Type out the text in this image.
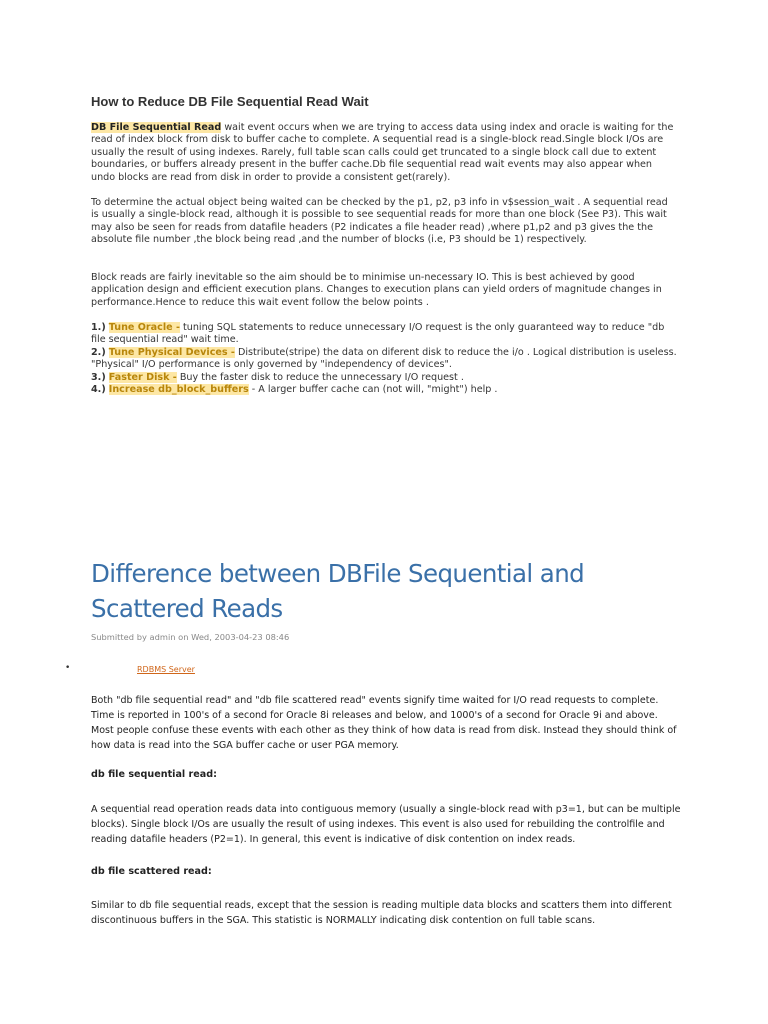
How to Reduce DB File Sequential Read Wait

DB File Sequential Read wait event occurs when we are trying to access data using index and oracle is waiting for the read of index block from disk to buffer cache to complete. A sequential read is a single-block read.Single block I/Os are usually the result of using indexes. Rarely, full table scan calls could get truncated to a single block call due to extent boundaries, or buffers already present in the buffer cache.Db file sequential read wait events may also appear when undo blocks are read from disk in order to provide a consistent get(rarely).

To determine the actual object being waited can be checked by the p1, p2, p3 info in v$session_wait . A sequential read is usually a single-block read, although it is possible to see sequential reads for more than one block (See P3). This wait may also be seen for reads from datafile headers (P2 indicates a file header read) ,where p1,p2 and p3 gives the the absolute file number ,the block being read ,and the number of blocks (i.e, P3 should be 1) respectively.

Block reads are fairly inevitable so the aim should be to minimise un-necessary IO. This is best achieved by good application design and efficient execution plans. Changes to execution plans can yield orders of magnitude changes in performance.Hence to reduce this wait event follow the below points .

1.) Tune Oracle - tuning SQL statements to reduce unnecessary I/O request is the only guaranteed way to reduce "db file sequential read" wait time.
2.) Tune Physical Devices - Distribute(stripe) the data on diferent disk to reduce the i/o . Logical distribution is useless. "Physical" I/O performance is only governed by "independency of devices".
3.) Faster Disk - Buy the faster disk to reduce the unnecessary I/O request .
4.) Increase db_block_buffers - A larger buffer cache can (not will, "might") help .
Difference between DBFile Sequential and Scattered Reads
Submitted by admin on Wed, 2003-04-23 08:46
•	RDBMS Server
Both "db file sequential read" and "db file scattered read" events signify time waited for I/O read requests to complete. Time is reported in 100's of a second for Oracle 8i releases and below, and 1000's of a second for Oracle 9i and above. Most people confuse these events with each other as they think of how data is read from disk. Instead they should think of how data is read into the SGA buffer cache or user PGA memory.
db file sequential read:
A sequential read operation reads data into contiguous memory (usually a single-block read with p3=1, but can be multiple blocks). Single block I/Os are usually the result of using indexes. This event is also used for rebuilding the controlfile and reading datafile headers (P2=1). In general, this event is indicative of disk contention on index reads.
db file scattered read:
Similar to db file sequential reads, except that the session is reading multiple data blocks and scatters them into different discontinuous buffers in the SGA. This statistic is NORMALLY indicating disk contention on full table scans.
